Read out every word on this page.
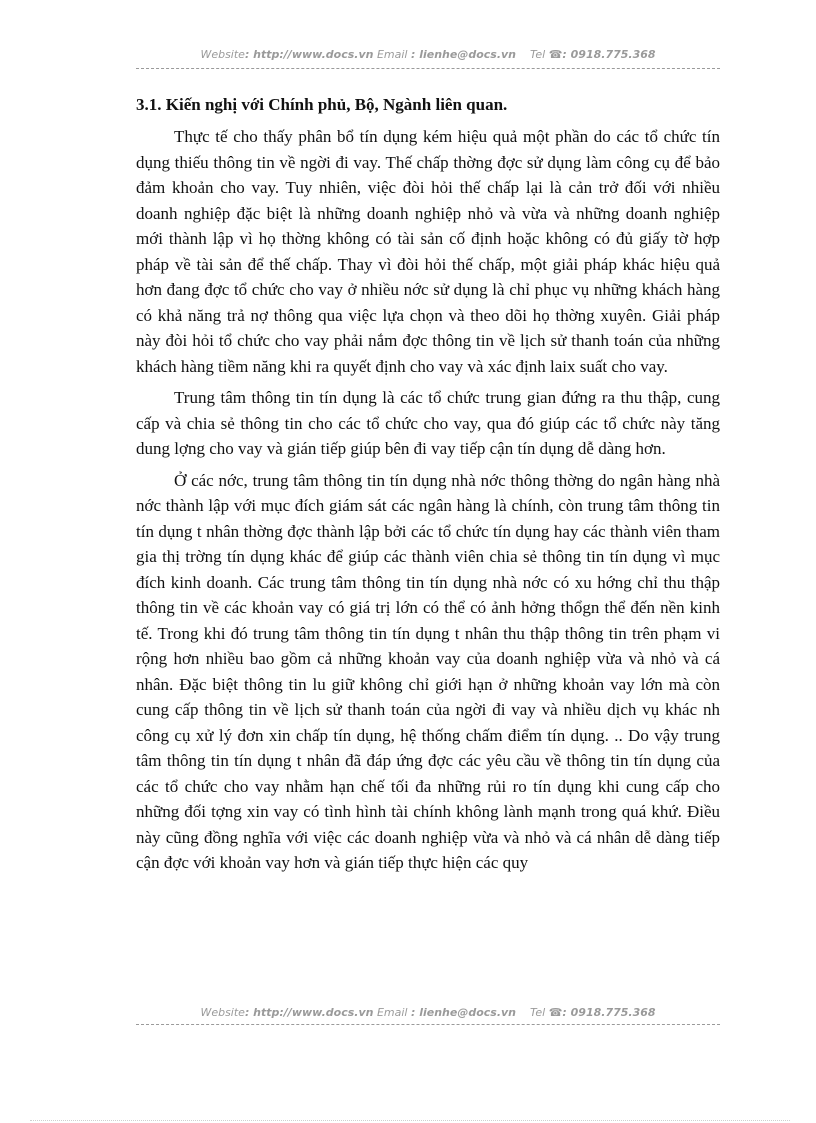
Website: http://www.docs.vn Email : lienhe@docs.vn Tel ☎: 0918.775.368
3.1. Kiến nghị với Chính phủ, Bộ, Ngành liên quan.

Thực tế cho thấy phân bổ tín dụng kém hiệu quả một phần do các tổ chức tín dụng thiếu thông tin về ngời đi vay. Thế chấp thờng đợc sử dụng làm công cụ để bảo đảm khoản cho vay. Tuy nhiên, việc đòi hỏi thế chấp lại là cản trở đối với nhiều doanh nghiệp đặc biệt là những doanh nghiệp nhỏ và vừa và những doanh nghiệp mới thành lập vì họ thờng không có tài sản cố định hoặc không có đủ giấy tờ hợp pháp về tài sản để thế chấp. Thay vì đòi hỏi thế chấp, một giải pháp khác hiệu quả hơn đang đợc tổ chức cho vay ở nhiều nớc sử dụng là chỉ phục vụ những khách hàng có khả năng trả nợ thông qua việc lựa chọn và theo dõi họ thờng xuyên. Giải pháp này đòi hỏi tổ chức cho vay phải nắm đợc thông tin về lịch sử thanh toán của những khách hàng tiềm năng khi ra quyết định cho vay và xác định laix suất cho vay.

Trung tâm thông tin tín dụng là các tổ chức trung gian đứng ra thu thập, cung cấp và chia sẻ thông tin cho các tổ chức cho vay, qua đó giúp các tổ chức này tăng dung lợng cho vay và gián tiếp giúp bên đi vay tiếp cận tín dụng dễ dàng hơn.

Ở các nớc, trung tâm thông tin tín dụng nhà nớc thông thờng do ngân hàng nhà nớc thành lập với mục đích giám sát các ngân hàng là chính, còn trung tâm thông tin tín dụng t nhân thờng đợc thành lập bởi các tổ chức tín dụng hay các thành viên tham gia thị trờng tín dụng khác để giúp các thành viên chia sẻ thông tin tín dụng vì mục đích kinh doanh. Các trung tâm thông tin tín dụng nhà nớc có xu hớng chỉ thu thập thông tin về các khoản vay có giá trị lớn có thể có ảnh hởng thổgn thể đến nền kinh tế. Trong khi đó trung tâm thông tin tín dụng t nhân thu thập thông tin trên phạm vi rộng hơn nhiều bao gồm cả những khoản vay của doanh nghiệp vừa và nhỏ và cá nhân. Đặc biệt thông tin lu giữ không chỉ giới hạn ở những khoản vay lớn mà còn cung cấp thông tin về lịch sử thanh toán của ngời đi vay và nhiều dịch vụ khác nh công cụ xử lý đơn xin chấp tín dụng, hệ thống chấm điểm tín dụng. .. Do vậy trung tâm thông tin tín dụng t nhân đã đáp ứng đợc các yêu cầu về thông tin tín dụng của các tổ chức cho vay nhằm hạn chế tối đa những rủi ro tín dụng khi cung cấp cho những đối tợng xin vay có tình hình tài chính không lành mạnh trong quá khứ. Điều này cũng đồng nghĩa với việc các doanh nghiệp vừa và nhỏ và cá nhân dễ dàng tiếp cận đợc với khoản vay hơn và gián tiếp thực hiện các quy

Website: http://www.docs.vn Email : lienhe@docs.vn Tel ☎: 0918.775.368
